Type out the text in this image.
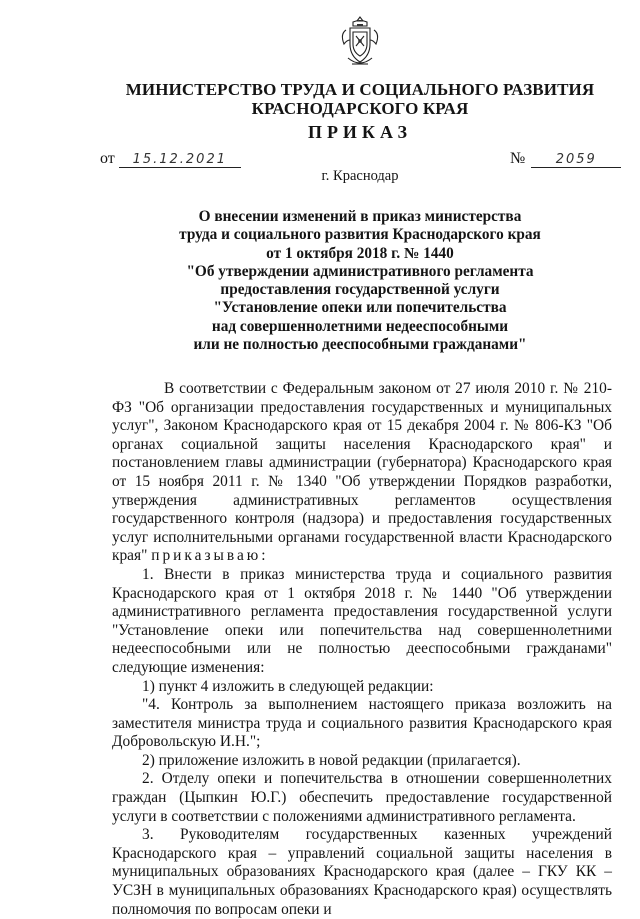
МИНИСТЕРСТВО ТРУДА И СОЦИАЛЬНОГО РАЗВИТИЯ
КРАСНОДАРСКОГО КРАЯ
ПРИКАЗ
от 15.12.2021	№ 2059
г. Краснодар
О внесении изменений в приказ министерства
труда и социального развития Краснодарского края
от 1 октября 2018 г. № 1440
"Об утверждении административного регламента
предоставления государственной услуги
"Установление опеки или попечительства
над совершеннолетними недееспособными
или не полностью дееспособными гражданами"

В соответствии с Федеральным законом от 27 июля 2010 г. № 210-ФЗ "Об организации предоставления государственных и муниципальных услуг", Законом Краснодарского края от 15 декабря 2004 г. № 806-КЗ "Об органах социальной защиты населения Краснодарского края" и постановлением главы администрации (губернатора) Краснодарского края от 15 ноября 2011 г. № 1340 "Об утверждении Порядков разработки, утверждения административных регламентов осуществления государственного контроля (надзора) и предоставления государственных услуг исполнительными органами государственной власти Краснодарского края" приказываю:

1. Внести в приказ министерства труда и социального развития Краснодарского края от 1 октября 2018 г. № 1440 "Об утверждении административного регламента предоставления государственной услуги "Установление опеки или попечительства над совершеннолетними недееспособными или не полностью дееспособными гражданами" следующие изменения:

1) пункт 4 изложить в следующей редакции:

"4. Контроль за выполнением настоящего приказа возложить на заместителя министра труда и социального развития Краснодарского края Добровольскую И.Н.";

2) приложение изложить в новой редакции (прилагается).

2. Отделу опеки и попечительства в отношении совершеннолетних граждан (Цыпкин Ю.Г.) обеспечить предоставление государственной услуги в соответствии с положениями административного регламента.

3. Руководителям государственных казенных учреждений Краснодарского края – управлений социальной защиты населения в муниципальных образованиях Краснодарского края (далее – ГКУ КК – УСЗН в муниципальных образованиях Краснодарского края) осуществлять полномочия по вопросам опеки и
